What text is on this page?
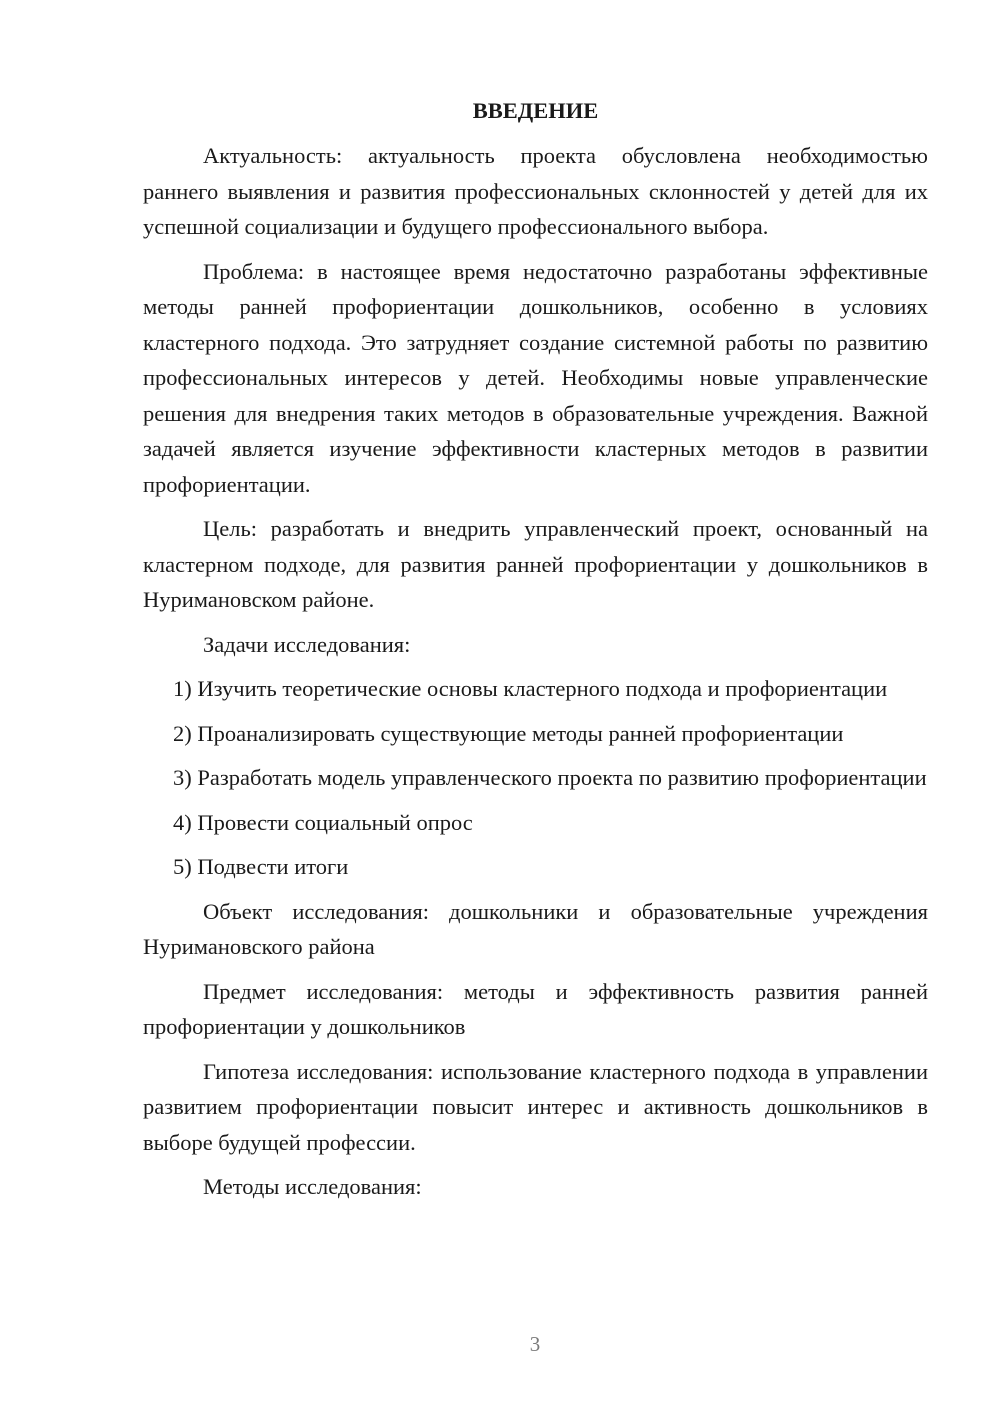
ВВЕДЕНИЕ

Актуальность: актуальность проекта обусловлена необходимостью раннего выявления и развития профессиональных склонностей у детей для их успешной социализации и будущего профессионального выбора.

Проблема: в настоящее время недостаточно разработаны эффективные методы ранней профориентации дошкольников, особенно в условиях кластерного подхода. Это затрудняет создание системной работы по развитию профессиональных интересов у детей. Необходимы новые управленческие решения для внедрения таких методов в образовательные учреждения. Важной задачей является изучение эффективности кластерных методов в развитии профориентации.

Цель: разработать и внедрить управленческий проект, основанный на кластерном подходе, для развития ранней профориентации у дошкольников в Нуримановском районе.

Задачи исследования:

1) Изучить теоретические основы кластерного подхода и профориентации

2) Проанализировать существующие методы ранней профориентации

3) Разработать модель управленческого проекта по развитию профориентации

4) Провести социальный опрос

5) Подвести итоги

Объект исследования: дошкольники и образовательные учреждения Нуримановского района

Предмет исследования: методы и эффективность развития ранней профориентации у дошкольников

Гипотеза исследования: использование кластерного подхода в управлении развитием профориентации повысит интерес и активность дошкольников в выборе будущей профессии.

Методы исследования:

3
